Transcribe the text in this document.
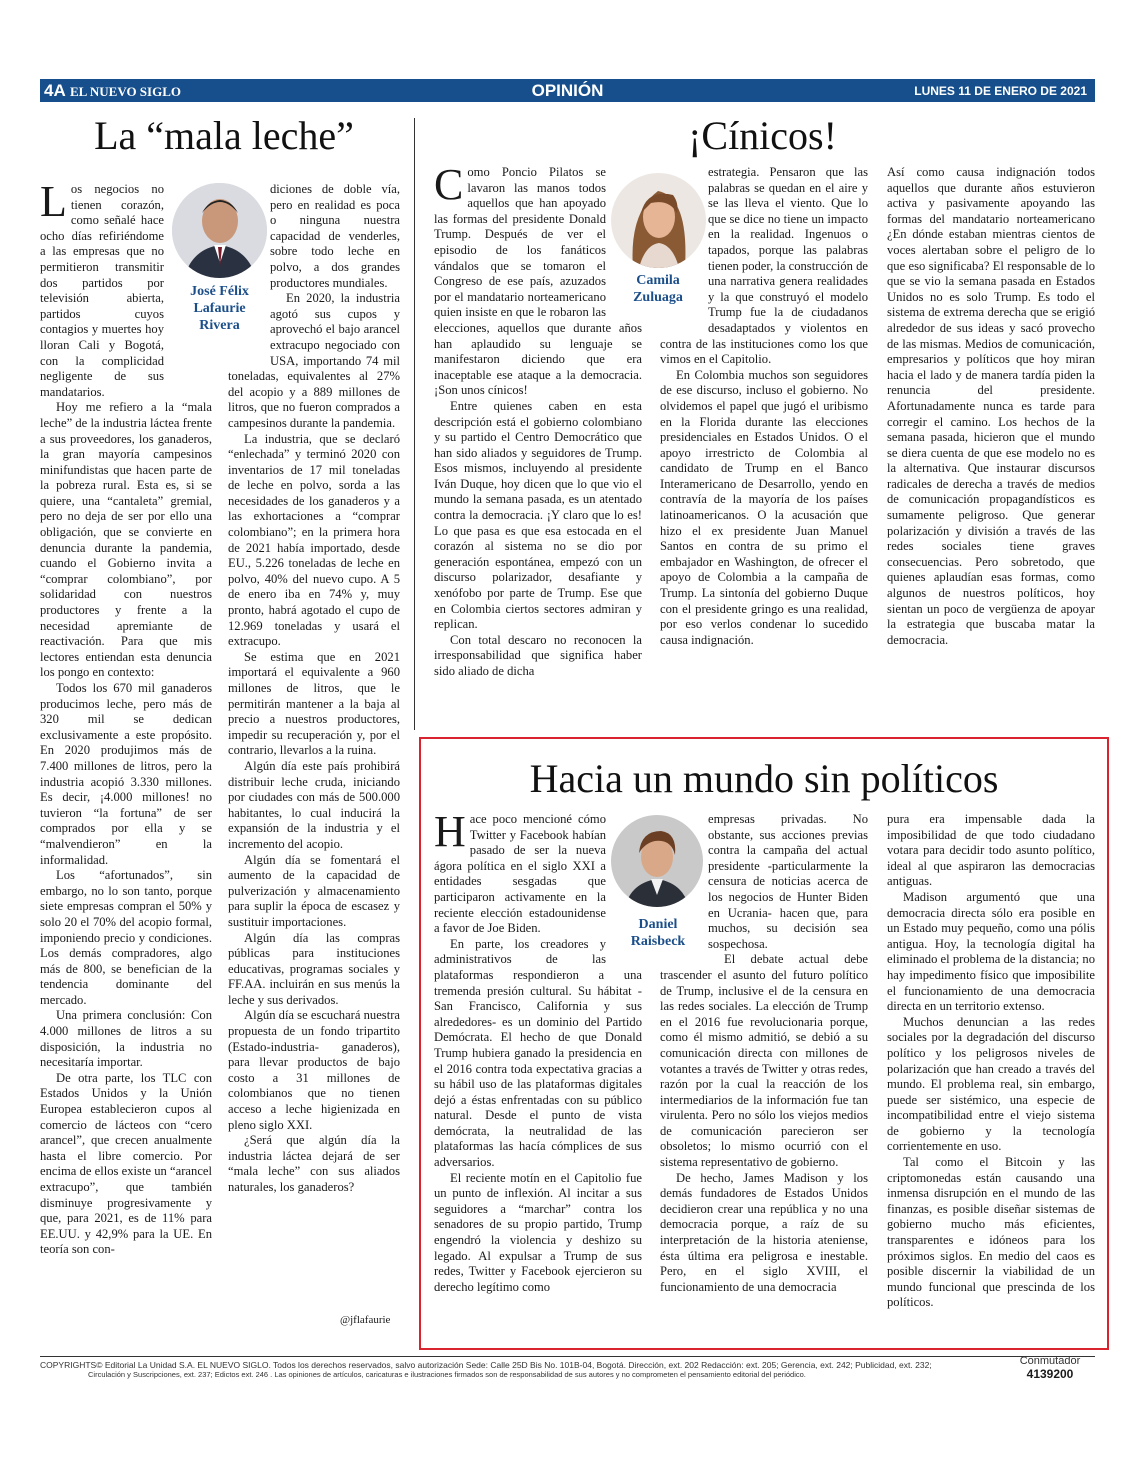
4A EL NUEVO SIGLO	OPINIÓN	LUNES 11 DE ENERO DE 2021
La “mala leche”
José Félix Lafaurie Rivera

Los negocios no tienen corazón, como señalé hace ocho días refiriéndome a las empresas que no permitieron transmitir dos partidos por televisión abierta, partidos cuyos contagios y muertes hoy lloran Cali y Bogotá, con la complicidad negligente de sus mandatarios.

Hoy me refiero a la “mala leche” de la industria láctea frente a sus proveedores, los ganaderos, la gran mayoría campesinos minifundistas que hacen parte de la pobreza rural. Esta es, si se quiere, una “cantaleta” gremial, pero no deja de ser por ello una obligación, que se convierte en denuncia durante la pandemia, cuando el Gobierno invita a “comprar colombiano”, por solidaridad con nuestros productores y frente a la necesidad apremiante de reactivación. Para que mis lectores entiendan esta denuncia los pongo en contexto:

Todos los 670 mil ganaderos producimos leche, pero más de 320 mil se dedican exclusivamente a este propósito. En 2020 produjimos más de 7.400 millones de litros, pero la industria acopió 3.330 millones. Es decir, ¡4.000 millones! no tuvieron “la fortuna” de ser comprados por ella y se “malvendieron” en la informalidad.

Los “afortunados”, sin embargo, no lo son tanto, porque siete empresas compran el 50% y solo 20 el 70% del acopio formal, imponiendo precio y condiciones. Los demás compradores, algo más de 800, se benefician de la tendencia dominante del mercado.

Una primera conclusión: Con 4.000 millones de litros a su disposición, la industria no necesitaría importar.

De otra parte, los TLC con Estados Unidos y la Unión Europea establecieron cupos al comercio de lácteos con “cero arancel”, que crecen anualmente hasta el libre comercio. Por encima de ellos existe un “arancel extracupo”, que también disminuye progresivamente y que, para 2021, es de 11% para EE.UU. y 42,9% para la UE. En teoría son con-

diciones de doble vía, pero en realidad es poca o ninguna nuestra capacidad de venderles, sobre todo leche en polvo, a dos grandes productores mundiales.

En 2020, la industria agotó sus cupos y aprovechó el bajo arancel extracupo negociado con USA, importando 74 mil toneladas, equivalentes al 27% del acopio y a 889 millones de litros, que no fueron comprados a campesinos durante la pandemia.

La industria, que se declaró “enlechada” y terminó 2020 con inventarios de 17 mil toneladas de leche en polvo, sorda a las necesidades de los ganaderos y a las exhortaciones a “comprar colombiano”; en la primera hora de 2021 había importado, desde EU., 5.226 toneladas de leche en polvo, 40% del nuevo cupo. A 5 de enero iba en 74% y, muy pronto, habrá agotado el cupo de 12.969 toneladas y usará el extracupo.

Se estima que en 2021 importará el equivalente a 960 millones de litros, que le permitirán mantener a la baja al precio a nuestros productores, impedir su recuperación y, por el contrario, llevarlos a la ruina.

Algún día este país prohibirá distribuir leche cruda, iniciando por ciudades con más de 500.000 habitantes, lo cual inducirá la expansión de la industria y el incremento del acopio.

Algún día se fomentará el aumento de la capacidad de pulverización y almacenamiento para suplir la época de escasez y sustituir importaciones.

Algún día las compras públicas para instituciones educativas, programas sociales y FF.AA. incluirán en sus menús la leche y sus derivados.

Algún día se escuchará nuestra propuesta de un fondo tripartito (Estado-industria- ganaderos), para llevar productos de bajo costo a 31 millones de colombianos que no tienen acceso a leche higienizada en pleno siglo XXI.

¿Será que algún día la industria láctea dejará de ser “mala leche” con sus aliados naturales, los ganaderos?

@jflafaurie
¡Cínicos!
Camila Zuluaga

Como Poncio Pilatos se lavaron las manos todos aquellos que han apoyado las formas del presidente Donald Trump. Después de ver el episodio de los fanáticos vándalos que se tomaron el Congreso de ese país, azuzados por el mandatario norteamericano quien insiste en que le robaron las elecciones, aquellos que durante años han aplaudido su lenguaje se manifestaron diciendo que era inaceptable ese ataque a la democracia. ¡Son unos cínicos!

Entre quienes caben en esta descripción está el gobierno colombiano y su partido el Centro Democrático que han sido aliados y seguidores de Trump. Esos mismos, incluyendo al presidente Iván Duque, hoy dicen que lo que vio el mundo la semana pasada, es un atentado contra la democracia. ¡Y claro que lo es! Lo que pasa es que esa estocada en el corazón al sistema no se dio por generación espontánea, empezó con un discurso polarizador, desafiante y xenófobo por parte de Trump. Ese que en Colombia ciertos sectores admiran y replican.

Con total descaro no reconocen la irresponsabilidad que significa haber sido aliado de dicha

estrategia. Pensaron que las palabras se quedan en el aire y se las lleva el viento. Que lo que se dice no tiene un impacto en la realidad. Ingenuos o tapados, porque las palabras tienen poder, la construcción de una narrativa genera realidades y la que construyó el modelo Trump fue la de ciudadanos desadaptados y violentos en contra de las instituciones como los que vimos en el Capitolio.

En Colombia muchos son seguidores de ese discurso, incluso el gobierno. No olvidemos el papel que jugó el uribismo en la Florida durante las elecciones presidenciales en Estados Unidos. O el apoyo irrestricto de Colombia al candidato de Trump en el Banco Interamericano de Desarrollo, yendo en contravía de la mayoría de los países latinoamericanos. O la acusación que hizo el ex presidente Juan Manuel Santos en contra de su primo el embajador en Washington, de ofrecer el apoyo de Colombia a la campaña de Trump. La sintonía del gobierno Duque con el presidente gringo es una realidad, por eso verlos condenar lo sucedido causa indignación.

Así como causa indignación todos aquellos que durante años estuvieron activa y pasivamente apoyando las formas del mandatario norteamericano ¿En dónde estaban mientras cientos de voces alertaban sobre el peligro de lo que eso significaba? El responsable de lo que se vio la semana pasada en Estados Unidos no es solo Trump. Es todo el sistema de extrema derecha que se erigió alrededor de sus ideas y sacó provecho de las mismas. Medios de comunicación, empresarios y políticos que hoy miran hacia el lado y de manera tardía piden la renuncia del presidente. Afortunadamente nunca es tarde para corregir el camino. Los hechos de la semana pasada, hicieron que el mundo se diera cuenta de que ese modelo no es la alternativa. Que instaurar discursos radicales de derecha a través de medios de comunicación propagandísticos es sumamente peligroso. Que generar polarización y división a través de las redes sociales tiene graves consecuencias. Pero sobretodo, que quienes aplaudían esas formas, como algunos de nuestros políticos, hoy sientan un poco de vergüenza de apoyar la estrategia que buscaba matar la democracia.

Hacia un mundo sin políticos
Daniel Raisbeck

Hace poco mencioné cómo Twitter y Facebook habían pasado de ser la nueva ágora política en el siglo XXI a entidades sesgadas que participaron activamente en la reciente elección estadounidense a favor de Joe Biden.

En parte, los creadores y administrativos de las plataformas respondieron a una tremenda presión cultural. Su hábitat -San Francisco, California y sus alrededores- es un dominio del Partido Demócrata. El hecho de que Donald Trump hubiera ganado la presidencia en el 2016 contra toda expectativa gracias a su hábil uso de las plataformas digitales dejó a éstas enfrentadas con su público natural. Desde el punto de vista demócrata, la neutralidad de las plataformas las hacía cómplices de sus adversarios.

El reciente motín en el Capitolio fue un punto de inflexión. Al incitar a sus seguidores a “marchar” contra los senadores de su propio partido, Trump engendró la violencia y deshizo su legado. Al expulsar a Trump de sus redes, Twitter y Facebook ejercieron su derecho legítimo como

empresas privadas. No obstante, sus acciones previas contra la campaña del actual presidente -particularmente la censura de noticias acerca de los negocios de Hunter Biden en Ucrania- hacen que, para muchos, su decisión sea sospechosa.

El debate actual debe trascender el asunto del futuro político de Trump, inclusive el de la censura en las redes sociales. La elección de Trump en el 2016 fue revolucionaria porque, como él mismo admitió, se debió a su comunicación directa con millones de votantes a través de Twitter y otras redes, razón por la cual la reacción de los intermediarios de la información fue tan virulenta. Pero no sólo los viejos medios de comunicación parecieron ser obsoletos; lo mismo ocurrió con el sistema representativo de gobierno.

De hecho, James Madison y los demás fundadores de Estados Unidos decidieron crear una república y no una democracia porque, a raíz de su interpretación de la historia ateniense, ésta última era peligrosa e inestable. Pero, en el siglo XVIII, el funcionamiento de una democracia

pura era impensable dada la imposibilidad de que todo ciudadano votara para decidir todo asunto político, ideal al que aspiraron las democracias antiguas.

Madison argumentó que una democracia directa sólo era posible en un Estado muy pequeño, como una pólis antigua. Hoy, la tecnología digital ha eliminado el problema de la distancia; no hay impedimento físico que imposibilite el funcionamiento de una democracia directa en un territorio extenso.

Muchos denuncian a las redes sociales por la degradación del discurso político y los peligrosos niveles de polarización que han creado a través del mundo. El problema real, sin embargo, puede ser sistémico, una especie de incompatibilidad entre el viejo sistema de gobierno y la tecnología corrientemente en uso.

Tal como el Bitcoin y las criptomonedas están causando una inmensa disrupción en el mundo de las finanzas, es posible diseñar sistemas de gobierno mucho más eficientes, transparentes e idóneos para los próximos siglos. En medio del caos es posible discernir la viabilidad de un mundo funcional que prescinda de los políticos.

COPYRIGHTS© Editorial La Unidad S.A. EL NUEVO SIGLO. Todos los derechos reservados, salvo autorización Sede: Calle 25D Bis No. 101B-04, Bogotá. Dirección, ext. 202 Redacción: ext. 205; Gerencia, ext. 242; Publicidad, ext. 232;
Circulación y Suscripciones, ext. 237; Edictos ext. 246 . Las opiniones de artículos, caricaturas e ilustraciones firmados son de responsabilidad de sus autores y no comprometen el pensamiento editorial del periódico.
Conmutador
4139200
